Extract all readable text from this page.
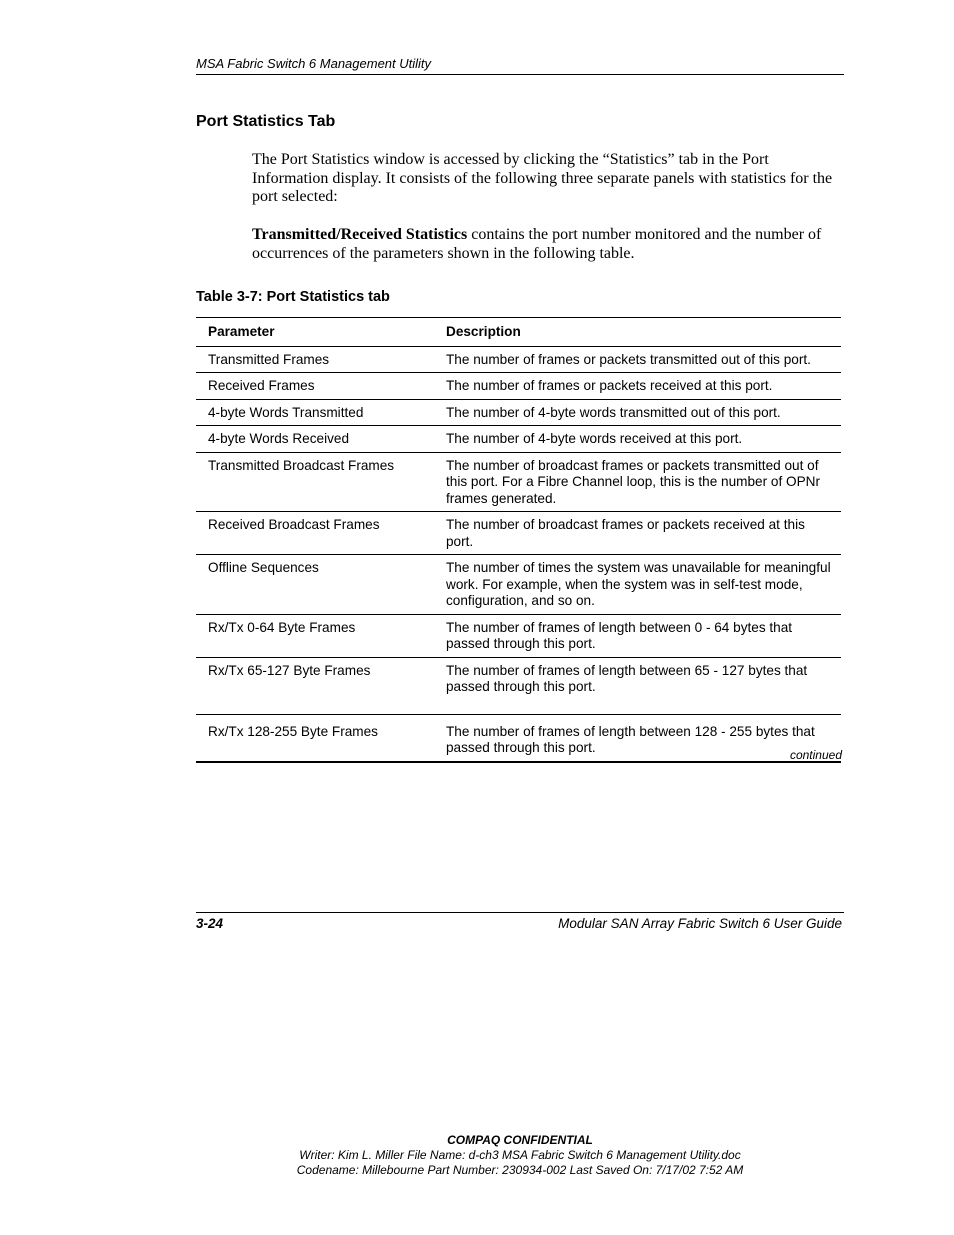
MSA Fabric Switch 6 Management Utility
Port Statistics Tab
The Port Statistics window is accessed by clicking the “Statistics” tab in the Port Information display. It consists of the following three separate panels with statistics for the port selected:
Transmitted/Received Statistics contains the port number monitored and the number of occurrences of the parameters shown in the following table.
Table 3-7: Port Statistics tab
Parameter	Description
Transmitted Frames	The number of frames or packets transmitted out of this port.
Received Frames	The number of frames or packets received at this port.
4-byte Words Transmitted	The number of 4-byte words transmitted out of this port.
4-byte Words Received	The number of 4-byte words received at this port.
Transmitted Broadcast Frames	The number of broadcast frames or packets transmitted out of this port. For a Fibre Channel loop, this is the number of OPNr frames generated.
Received Broadcast Frames	The number of broadcast frames or packets received at this port.
Offline Sequences	The number of times the system was unavailable for meaningful work. For example, when the system was in self-test mode, configuration, and so on.
Rx/Tx 0-64 Byte Frames	The number of frames of length between 0 - 64 bytes that passed through this port.
Rx/Tx 65-127 Byte Frames	The number of frames of length between 65 - 127 bytes that passed through this port.
Rx/Tx 128-255 Byte Frames	The number of frames of length between 128 - 255 bytes that passed through this port.	continued
3-24	Modular SAN Array Fabric Switch 6 User Guide
COMPAQ CONFIDENTIAL
Writer: Kim L. Miller File Name: d-ch3 MSA Fabric Switch 6 Management Utility.doc
Codename: Millebourne Part Number: 230934-002 Last Saved On: 7/17/02 7:52 AM
